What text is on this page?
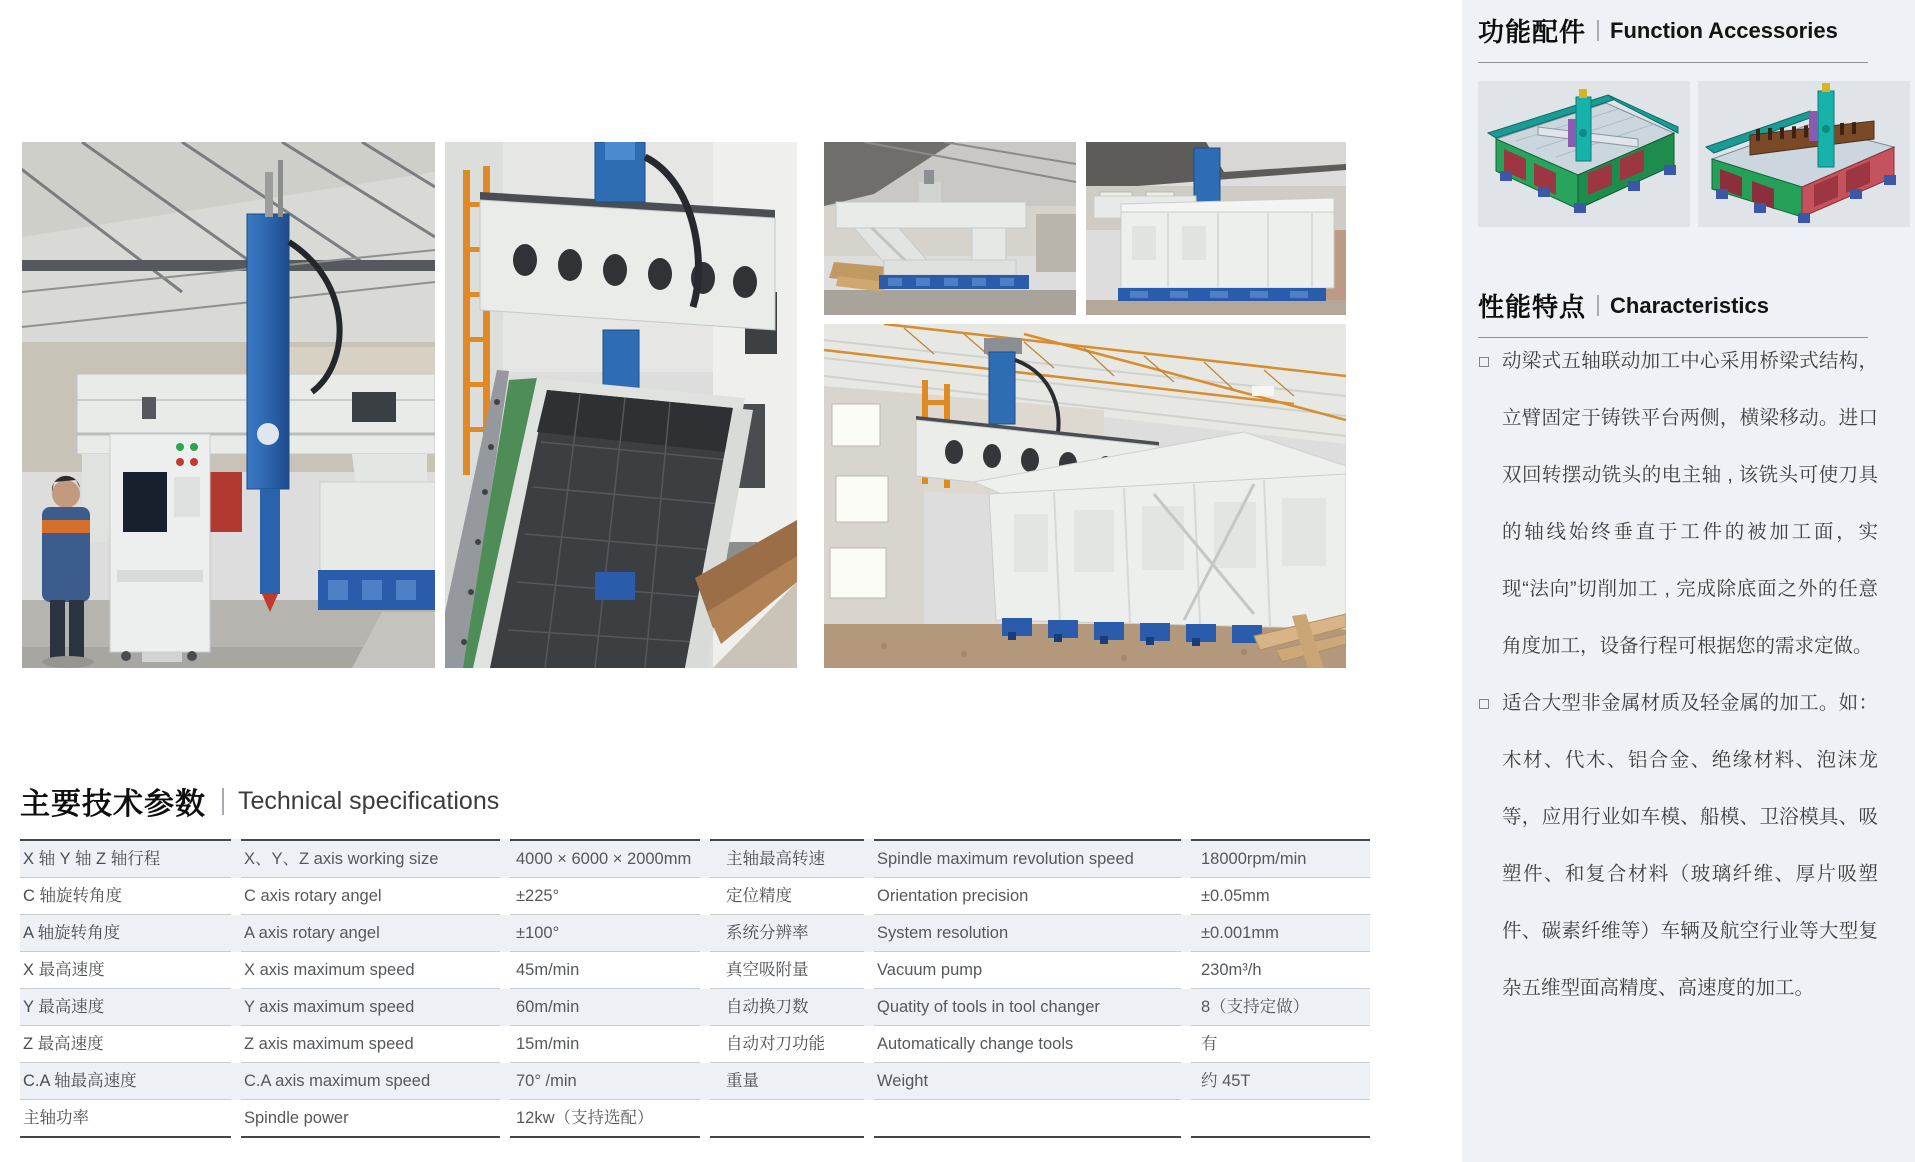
主要技术参数 Technical specifications
X 轴 Y 轴 Z 轴行程	X、Y、Z axis working size	4000 × 6000 × 2000mm	主轴最高转速	Spindle maximum revolution speed	18000rpm/min
C 轴旋转角度	C axis rotary angel	±225°	定位精度	Orientation precision	±0.05mm
A 轴旋转角度	A axis rotary angel	±100°	系统分辨率	System resolution	±0.001mm
X 最高速度	X axis maximum speed	45m/min	真空吸附量	Vacuum pump	230m³/h
Y 最高速度	Y axis maximum speed	60m/min	自动换刀数	Quatity of tools in tool changer	8（支持定做）
Z 最高速度	Z axis maximum speed	15m/min	自动对刀功能	Automatically change tools	有
C.A 轴最高速度	C.A axis maximum speed	70° /min	重量	Weight	约 45T
主轴功率	Spindle power	12kw（支持选配）
功能配件 Function Accessories
性能特点 Characteristics

动梁式五轴联动加工中心采用桥梁式结构，立臂固定于铸铁平台两侧，横梁移动。进口双回转摆动铣头的电主轴 , 该铣头可使刀具的轴线始终垂直于工件的被加工面，实现“法向”切削加工 , 完成除底面之外的任意角度加工，设备行程可根据您的需求定做。

适合大型非金属材质及轻金属的加工。如：木材、代木、铝合金、绝缘材料、泡沫龙等，应用行业如车模、船模、卫浴模具、吸塑件、和复合材料（玻璃纤维、厚片吸塑件、碳素纤维等）车辆及航空行业等大型复杂五维型面高精度、高速度的加工。
